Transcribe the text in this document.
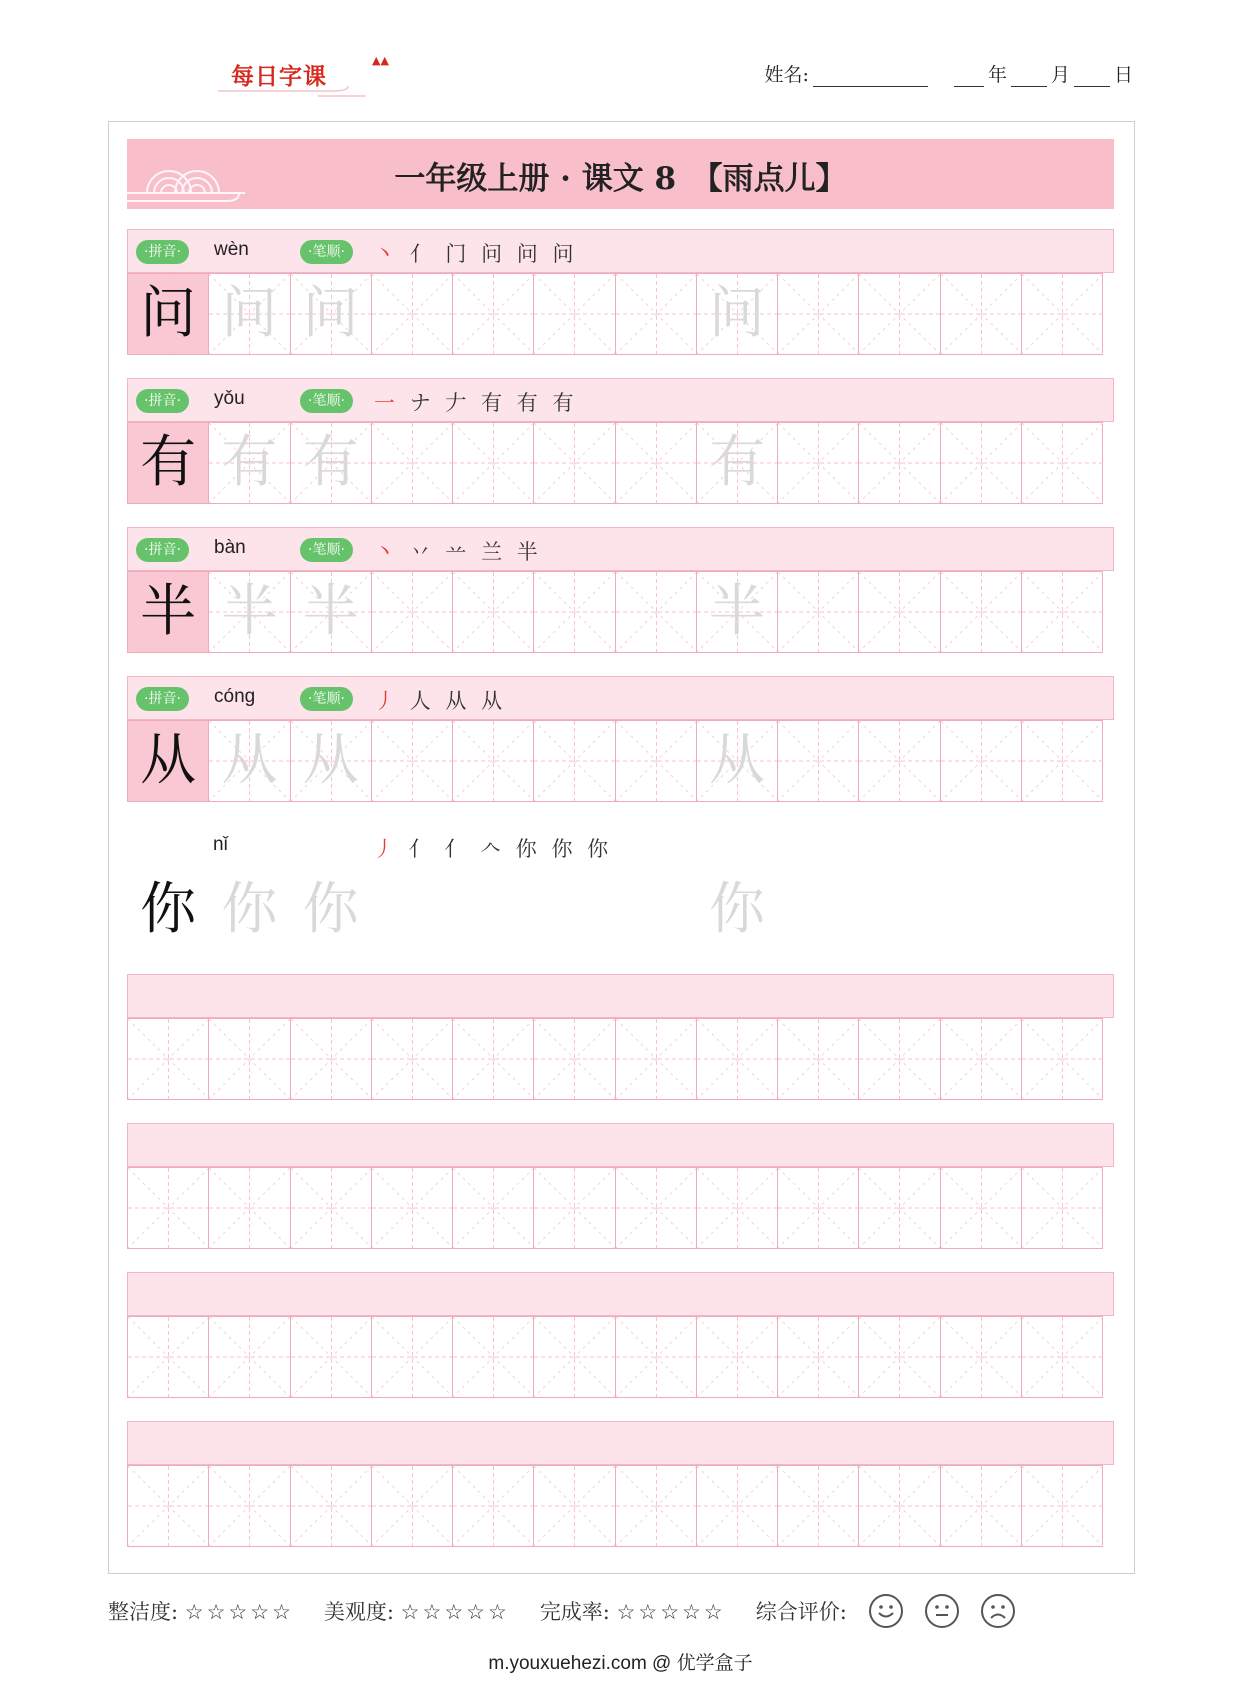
每日字课
▲▲
姓名:	年 月 日
一年级上册 · 课文 8　【雨点儿】
·拼音·	·笔顺·
wèn	丶 亻 门 问 问 问
问 问 问	问
·拼音·	·笔顺·
yǒu	一 ナ 𠂇 有 有 有
有 有 有	有
·拼音·	·笔顺·
bàn	丶 丷 䒑 兰 半
半 半 半	半
·拼音·	·笔顺·
cóng	丿 人 从 从
从 从 从	从
nǐ	丿 亻 亻 𠆢 你 你 你
你 你 你	你
整洁度: ☆☆☆☆☆ 美观度: ☆☆☆☆☆ 完成率: ☆☆☆☆☆ 综合评价:
m.youxuehezi.com @ 优学盒子
